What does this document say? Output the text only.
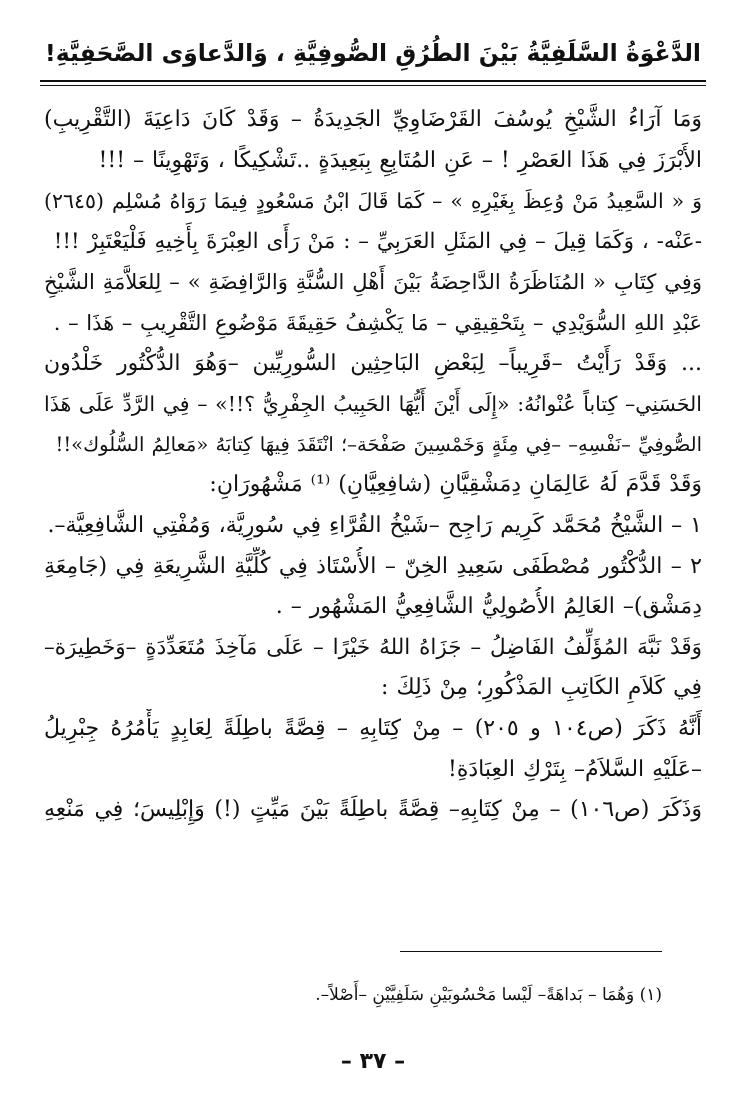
الدَّعْوَةُ السَّلَفِيَّةُ بَيْنَ الطُرُقِ الصُّوفِيَّةِ ، وَالدَّعاوَى الصَّحَفِيَّةِ!
وَمَا آرَاءُ الشَّيْخِ يُوسُفَ القَرْضَاوِيِّ الجَدِيدَةُ – وَقَدْ كَانَ دَاعِيَةَ (التَّقْرِيبِ)
الأَبْرَزَ فِي هَذَا العَصْرِ ! – عَنِ المُتَابِعِ بِبَعِيدَةٍ ..تَشْكِيكًا ، وَتَهْوِينًا – !!!
وَ « السَّعِيدُ مَنْ وُعِظَ بِغَيْرِهِ » – كَمَا قَالَ ابْنُ مَسْعُودٍ فِيمَا رَوَاهُ مُسْلِم (٢٦٤٥)
-عَنْه- ، وَكَمَا قِيلَ – فِي المَثَلِ العَرَبِيِّ – : مَنْ رَأَى العِبْرَةَ بِأَخِيهِ فَلْيَعْتَبِرْ !!!
وَفِي كِتَابِ « المُنَاظَرَةُ الدَّاحِضَةُ بَيْنَ أَهْلِ السُّنَّةِ وَالرَّافِضَةِ » – لِلعَلاَّمَةِ الشَّيْخِ
عَبْدِ اللهِ السُّوَيْدِي – بِتَحْقِيقِي – مَا يَكْشِفُ حَقِيقَةَ مَوْضُوعِ التَّقْرِيبِ – هَذَا – .
... وَقَدْ رَأَيْتُ –قَرِيباً– لِبَعْضِ البَاحِثِين السُّورِيِّين –وَهُوَ الدُّكْتُور خَلْدُون
الحَسَنِي– كِتاباً عُنْوانُهُ: «إِلَى أَيْنَ أَيُّهَا الحَبِيبُ الجِفْرِيُّ ؟!!» – فِي الرَّدِّ عَلَى هَذَا
الصُّوفِيِّ –نَفْسِهِ– –فِي مِئَةٍ وَخَمْسِينَ صَفْحَة–؛ انْتَقَدَ فِيهَا كِتابَهُ «مَعالِمُ السُّلُوك»!!
وَقَدْ قَدَّمَ لَهُ عَالِمَانِ دِمَشْقِيَّانِ (شافِعِيَّانِ) ⁽¹⁾ مَشْهُورَانِ:
١ – الشَّيْخُ مُحَمَّد كَرِيم رَاجِح –شَيْخُ القُرَّاءِ فِي سُورِيَّة، وَمُفْتِي الشَّافِعِيَّة–.
٢ – الدُّكْتُور مُصْطَفَى سَعِيدِ الخِنّ – الأُسْتَاذ فِي كُلِّيَّةِ الشَّرِيعَةِ فِي (جَامِعَةِ
دِمَشْق)– العَالِمُ الأُصُولِيُّ الشَّافِعِيُّ المَشْهُور – .
وَقَدْ نَبَّهَ المُؤَلِّفُ الفَاضِلُ – جَزَاهُ اللهُ خَيْرًا – عَلَى مَآخِذَ مُتَعَدِّدَةٍ –وَخَطِيرَة–
فِي كَلاَمِ الكَاتِبِ المَذْكُورِ؛ مِنْ ذَلِكَ :
أَنَّهُ ذَكَرَ (ص١٠٤ و ٢٠٥) – مِنْ كِتَابِهِ – قِصَّةً باطِلَةً لِعَابِدٍ يَأْمُرُهُ جِبْرِيلُ
–عَلَيْهِ السَّلاَمُ– بِتَرْكِ العِبَادَةِ!
وَذَكَرَ (ص١٠٦) – مِنْ كِتَابِهِ– قِصَّةً باطِلَةً بَيْنَ مَيِّتٍ (!) وَإِبْلِيسَ؛ فِي مَنْعِهِ
(١) وَهُمَا – بَداهَةً– لَيْسا مَحْسُوبَيْنِ سَلَفِيَّيْنِ –أَصْلاً–.
– ٣٧ –
